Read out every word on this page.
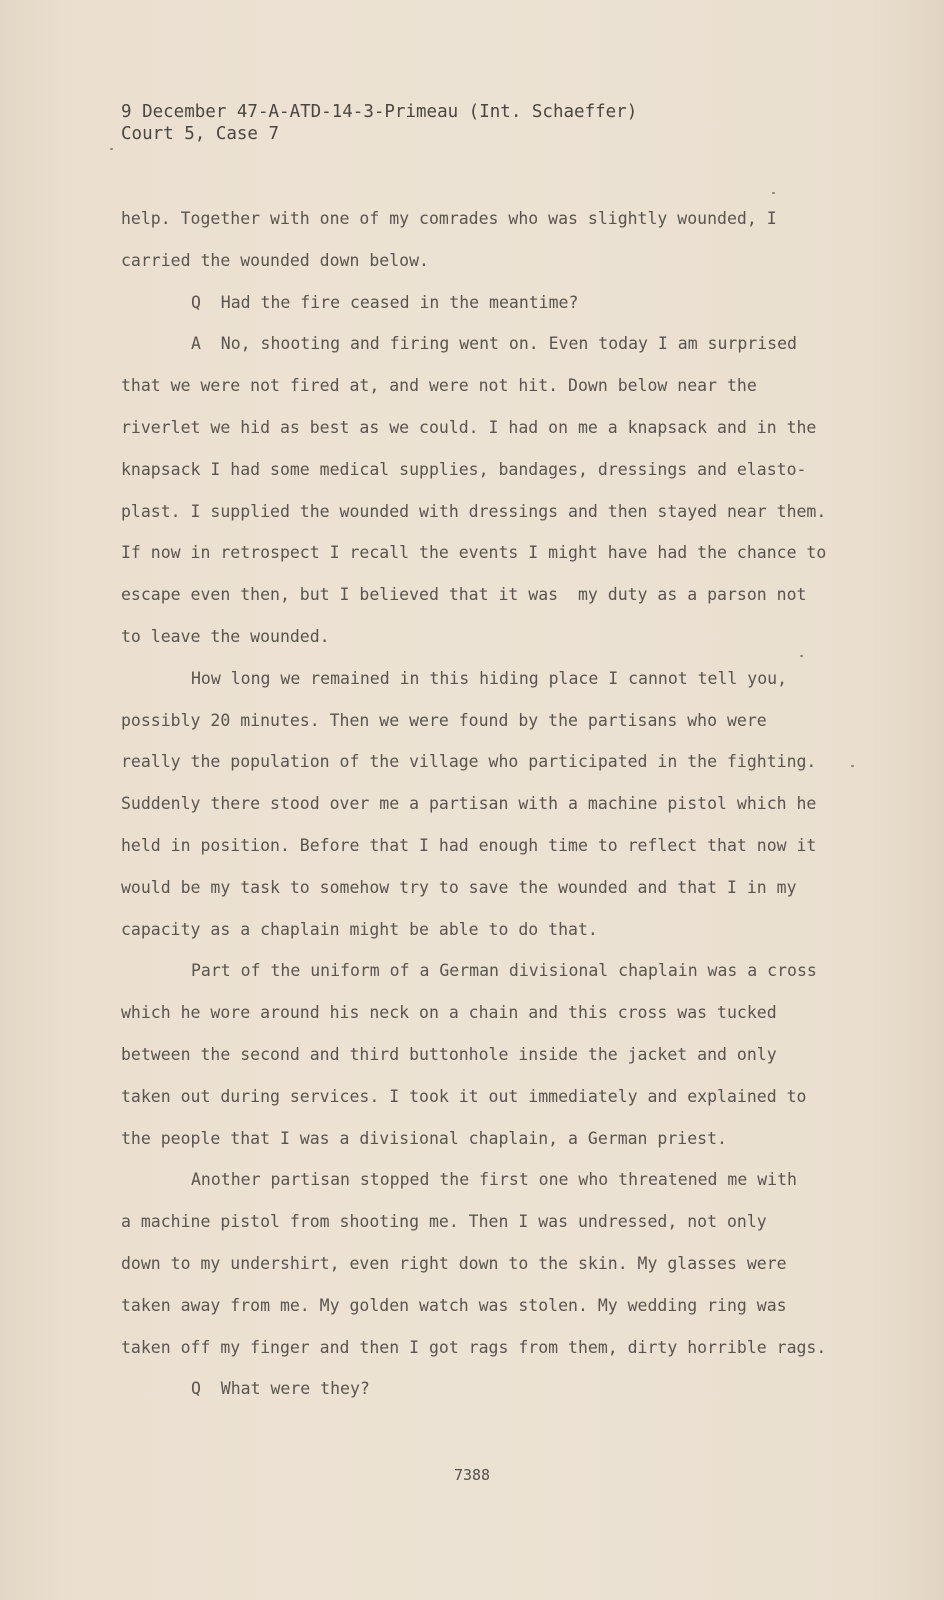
9 December 47-A-ATD-14-3-Primeau (Int. Schaeffer)
Court 5, Case 7
help. Together with one of my comrades who was slightly wounded, I
carried the wounded down below.
Q  Had the fire ceased in the meantime?
A  No, shooting and firing went on. Even today I am surprised
that we were not fired at, and were not hit. Down below near the
riverlet we hid as best as we could. I had on me a knapsack and in the
knapsack I had some medical supplies, bandages, dressings and elasto-
plast. I supplied the wounded with dressings and then stayed near them.
If now in retrospect I recall the events I might have had the chance to
escape even then, but I believed that it was  my duty as a parson not
to leave the wounded.
How long we remained in this hiding place I cannot tell you,
possibly 20 minutes. Then we were found by the partisans who were
really the population of the village who participated in the fighting.
Suddenly there stood over me a partisan with a machine pistol which he
held in position. Before that I had enough time to reflect that now it
would be my task to somehow try to save the wounded and that I in my
capacity as a chaplain might be able to do that.
Part of the uniform of a German divisional chaplain was a cross
which he wore around his neck on a chain and this cross was tucked
between the second and third buttonhole inside the jacket and only
taken out during services. I took it out immediately and explained to
the people that I was a divisional chaplain, a German priest.
Another partisan stopped the first one who threatened me with
a machine pistol from shooting me. Then I was undressed, not only
down to my undershirt, even right down to the skin. My glasses were
taken away from me. My golden watch was stolen. My wedding ring was
taken off my finger and then I got rags from them, dirty horrible rags.
Q  What were they?
7388
